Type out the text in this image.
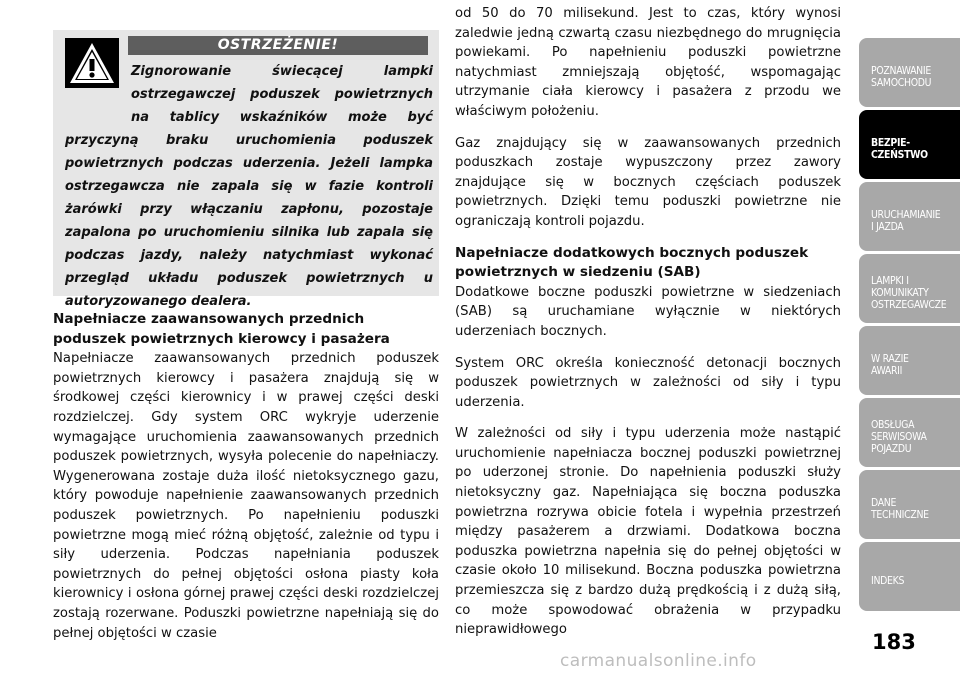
OSTRZEŻENIE!

Zignorowanie świecącej lampki ostrzegawczej poduszek powietrznych na tablicy wskaźników może być przyczyną braku uruchomienia poduszek powietrznych podczas uderzenia. Jeżeli lampka ostrzegawcza nie zapala się w fazie kontroli żarówki przy włączaniu zapłonu, pozostaje zapalona po uruchomieniu silnika lub zapala się podczas jazdy, należy natychmiast wykonać przegląd układu poduszek powietrznych u autoryzowanego dealera.

Napełniacze zaawansowanych przednich poduszek powietrznych kierowcy i pasażera

Napełniacze zaawansowanych przednich poduszek powietrznych kierowcy i pasażera znajdują się w środkowej części kierownicy i w prawej części deski rozdzielczej. Gdy system ORC wykryje uderzenie wymagające uruchomienia zaawansowanych przednich poduszek powietrznych, wysyła polecenie do napełniaczy. Wygenerowana zostaje duża ilość nietoksycznego gazu, który powoduje napełnienie zaawansowanych przednich poduszek powietrznych. Po napełnieniu poduszki powietrzne mogą mieć różną objętość, zależnie od typu i siły uderzenia. Podczas napełniania poduszek powietrznych do pełnej objętości osłona piasty koła kierownicy i osłona górnej prawej części deski rozdzielczej zostają rozerwane. Poduszki powietrzne napełniają się do pełnej objętości w czasie

od 50 do 70 milisekund. Jest to czas, który wynosi zaledwie jedną czwartą czasu niezbędnego do mrugnięcia powiekami. Po napełnieniu poduszki powietrzne natychmiast zmniejszają objętość, wspomagając utrzymanie ciała kierowcy i pasażera z przodu we właściwym położeniu.

Gaz znajdujący się w zaawansowanych przednich poduszkach zostaje wypuszczony przez zawory znajdujące się w bocznych częściach poduszek powietrznych. Dzięki temu poduszki powietrzne nie ograniczają kontroli pojazdu.

Napełniacze dodatkowych bocznych poduszek powietrznych w siedzeniu (SAB)

Dodatkowe boczne poduszki powietrzne w siedzeniach (SAB) są uruchamiane wyłącznie w niektórych uderzeniach bocznych.

System ORC określa konieczność detonacji bocznych poduszek powietrznych w zależności od siły i typu uderzenia.

W zależności od siły i typu uderzenia może nastąpić uruchomienie napełniacza bocznej poduszki powietrznej po uderzonej stronie. Do napełnienia poduszki służy nietoksyczny gaz. Napełniająca się boczna poduszka powietrzna rozrywa obicie fotela i wypełnia przestrzeń między pasażerem a drzwiami. Dodatkowa boczna poduszka powietrzna napełnia się do pełnej objętości w czasie około 10 milisekund. Boczna poduszka powietrzna przemieszcza się z bardzo dużą prędkością i z dużą siłą, co może spowodować obrażenia w przypadku nieprawidłowego

POZNAWANIE
SAMOCHODU
BEZPIE-
CZEŃSTWO
URUCHAMIANIE
I JAZDA
LAMPKI I
KOMUNIKATY
OSTRZEGAWCZE
W RAZIE
AWARII
OBSŁUGA
SERWISOWA
POJAZDU
DANE
TECHNICZNE
INDEKS
183
carmanualsonline.info
